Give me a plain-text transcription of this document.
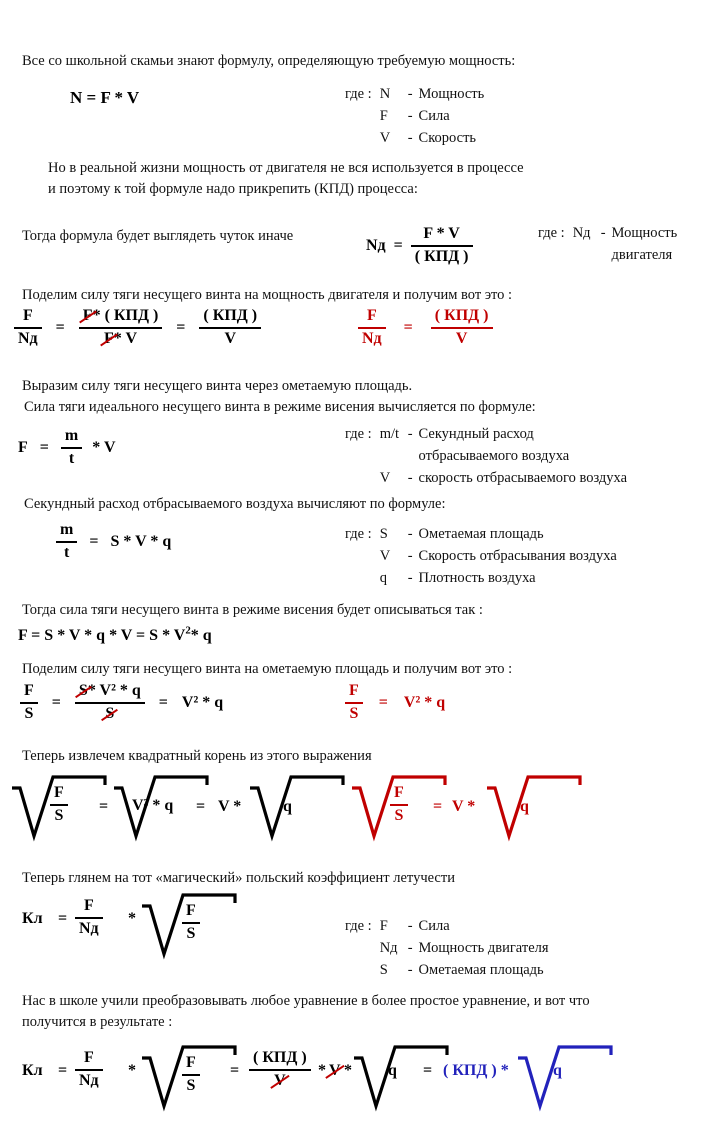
Все со школьной скамьи знают формулу, определяющую требуемую мощность:
N = F * V	где :	N	-	Мощность
	F	-	Сила
	V	-	Скорость
Но в реальной жизни мощность от двигателя не вся используется в процессе
и поэтому к той формуле надо прикрепить (КПД) процесса:
Тогда формула будет выглядеть чуток иначе
Nд = $\frac{F * V}{\text{( КПД )}}$	где :	Nд	-	Мощность
			двигателя
Поделим силу тяги несущего винта на мощность двигателя и получим вот это :
$\frac{F}{Nд} = \frac{\text{F* ( КПД )}}{F* V} = \frac{\text{( КПД )}}{V}$	$\frac{F}{Nд} = \frac{\text{( КПД )}}{V}$
Выразим силу тяги несущего винта через ометаемую площадь.
Сила тяги идеального несущего винта в режиме висения вычисляется по формуле:
$F = \frac{m}{t} * V$
где :	m/t	-	Секундный расход
			отбрасываемого воздуха
	V	-	скорость отбрасываемого воздуха
Секундный расход отбрасываемого воздуха вычисляют по формуле:
$\frac{m}{t} = S * V * q$	где :	S	-	Ометаемая площадь
	V	-	Скорость отбрасывания воздуха
	q	-	Плотность воздуха
Тогда сила тяги несущего винта в режиме висения будет описываться так :
$F = S * V * q * V = S * V^2*$ q
Поделим силу тяги несущего винта на ометаемую площадь и получим вот это :
$\frac{F}{S} = \frac{\text{S* V² * q}}{S} = V^2 * q$	$\frac{F}{S} = V^2 * q$
Теперь извлечем квадратный корень из этого выражения
$\frac{F}{S} = V^2 * q = V$ *	q	$\frac{F}{S} = V$ *	q
Теперь глянем на тот «магический» польский коэффициент летучести
Кл = $\frac{F}{Nд}$ *	$\frac{F}{S}$	где :	F	-	Сила
	Nд	-	Мощность двигателя
	S	-	Ометаемая площадь
Нас в школе учили преобразовывать любое уравнение в более простое уравнение, и вот что
получится в результате :
Кл = $\frac{F}{Nд}$ *	$\frac{F}{S} = \frac{\text{( КПД )}}{V} * V * q$ = ( КПД ) *	q
